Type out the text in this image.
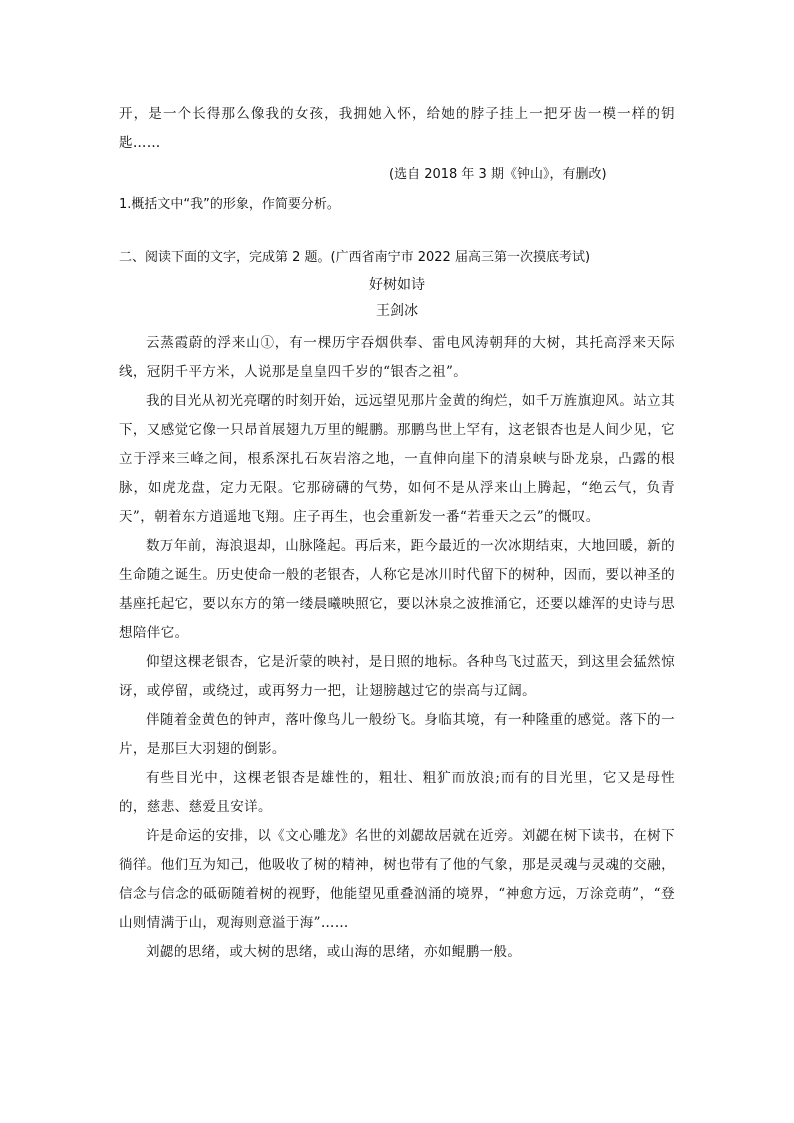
开，是一个长得那么像我的女孩，我拥她入怀，给她的脖子挂上一把牙齿一模一样的钥匙……

(选自 2018 年 3 期《钟山》，有删改)

1.概括文中“我”的形象，作简要分析。

二、阅读下面的文字，完成第 2 题。(广西省南宁市 2022 届高三第一次摸底考试)

好树如诗

王剑冰

云蒸霞蔚的浮来山①，有一棵历宇吞烟供奉、雷电风涛朝拜的大树，其托高浮来天际线，冠阴千平方米，人说那是皇皇四千岁的“银杏之祖”。

我的目光从初光亮曙的时刻开始，远远望见那片金黄的绚烂，如千万旌旗迎风。站立其下，又感觉它像一只昂首展翅九万里的鲲鹏。那鹏鸟世上罕有，这老银杏也是人间少见，它立于浮来三峰之间，根系深扎石灰岩溶之地，一直伸向崖下的清泉峡与卧龙泉，凸露的根脉，如虎龙盘，定力无限。它那磅礴的气势，如何不是从浮来山上腾起，“绝云气，负青天”，朝着东方逍遥地飞翔。庄子再生，也会重新发一番“若垂天之云”的慨叹。

数万年前，海浪退却，山脉隆起。再后来，距今最近的一次冰期结束，大地回暖，新的生命随之诞生。历史使命一般的老银杏，人称它是冰川时代留下的树种，因而，要以神圣的基座托起它，要以东方的第一缕晨曦映照它，要以沐泉之波推涌它，还要以雄浑的史诗与思想陪伴它。

仰望这棵老银杏，它是沂蒙的映衬，是日照的地标。各种鸟飞过蓝天，到这里会猛然惊讶，或停留，或绕过，或再努力一把，让翅膀越过它的崇高与辽阔。

伴随着金黄色的钟声，落叶像鸟儿一般纷飞。身临其境，有一种隆重的感觉。落下的一片，是那巨大羽翅的倒影。

有些目光中，这棵老银杏是雄性的，粗壮、粗犷而放浪;而有的目光里，它又是母性的，慈悲、慈爱且安详。

许是命运的安排，以《文心雕龙》名世的刘勰故居就在近旁。刘勰在树下读书，在树下徜徉。他们互为知己，他吸收了树的精神，树也带有了他的气象，那是灵魂与灵魂的交融，信念与信念的砥砺随着树的视野，他能望见重叠汹涌的境界，“神愈方远，万涂竞萌”，“登山则情满于山，观海则意溢于海”……

刘勰的思绪，或大树的思绪，或山海的思绪，亦如鲲鹏一般。
